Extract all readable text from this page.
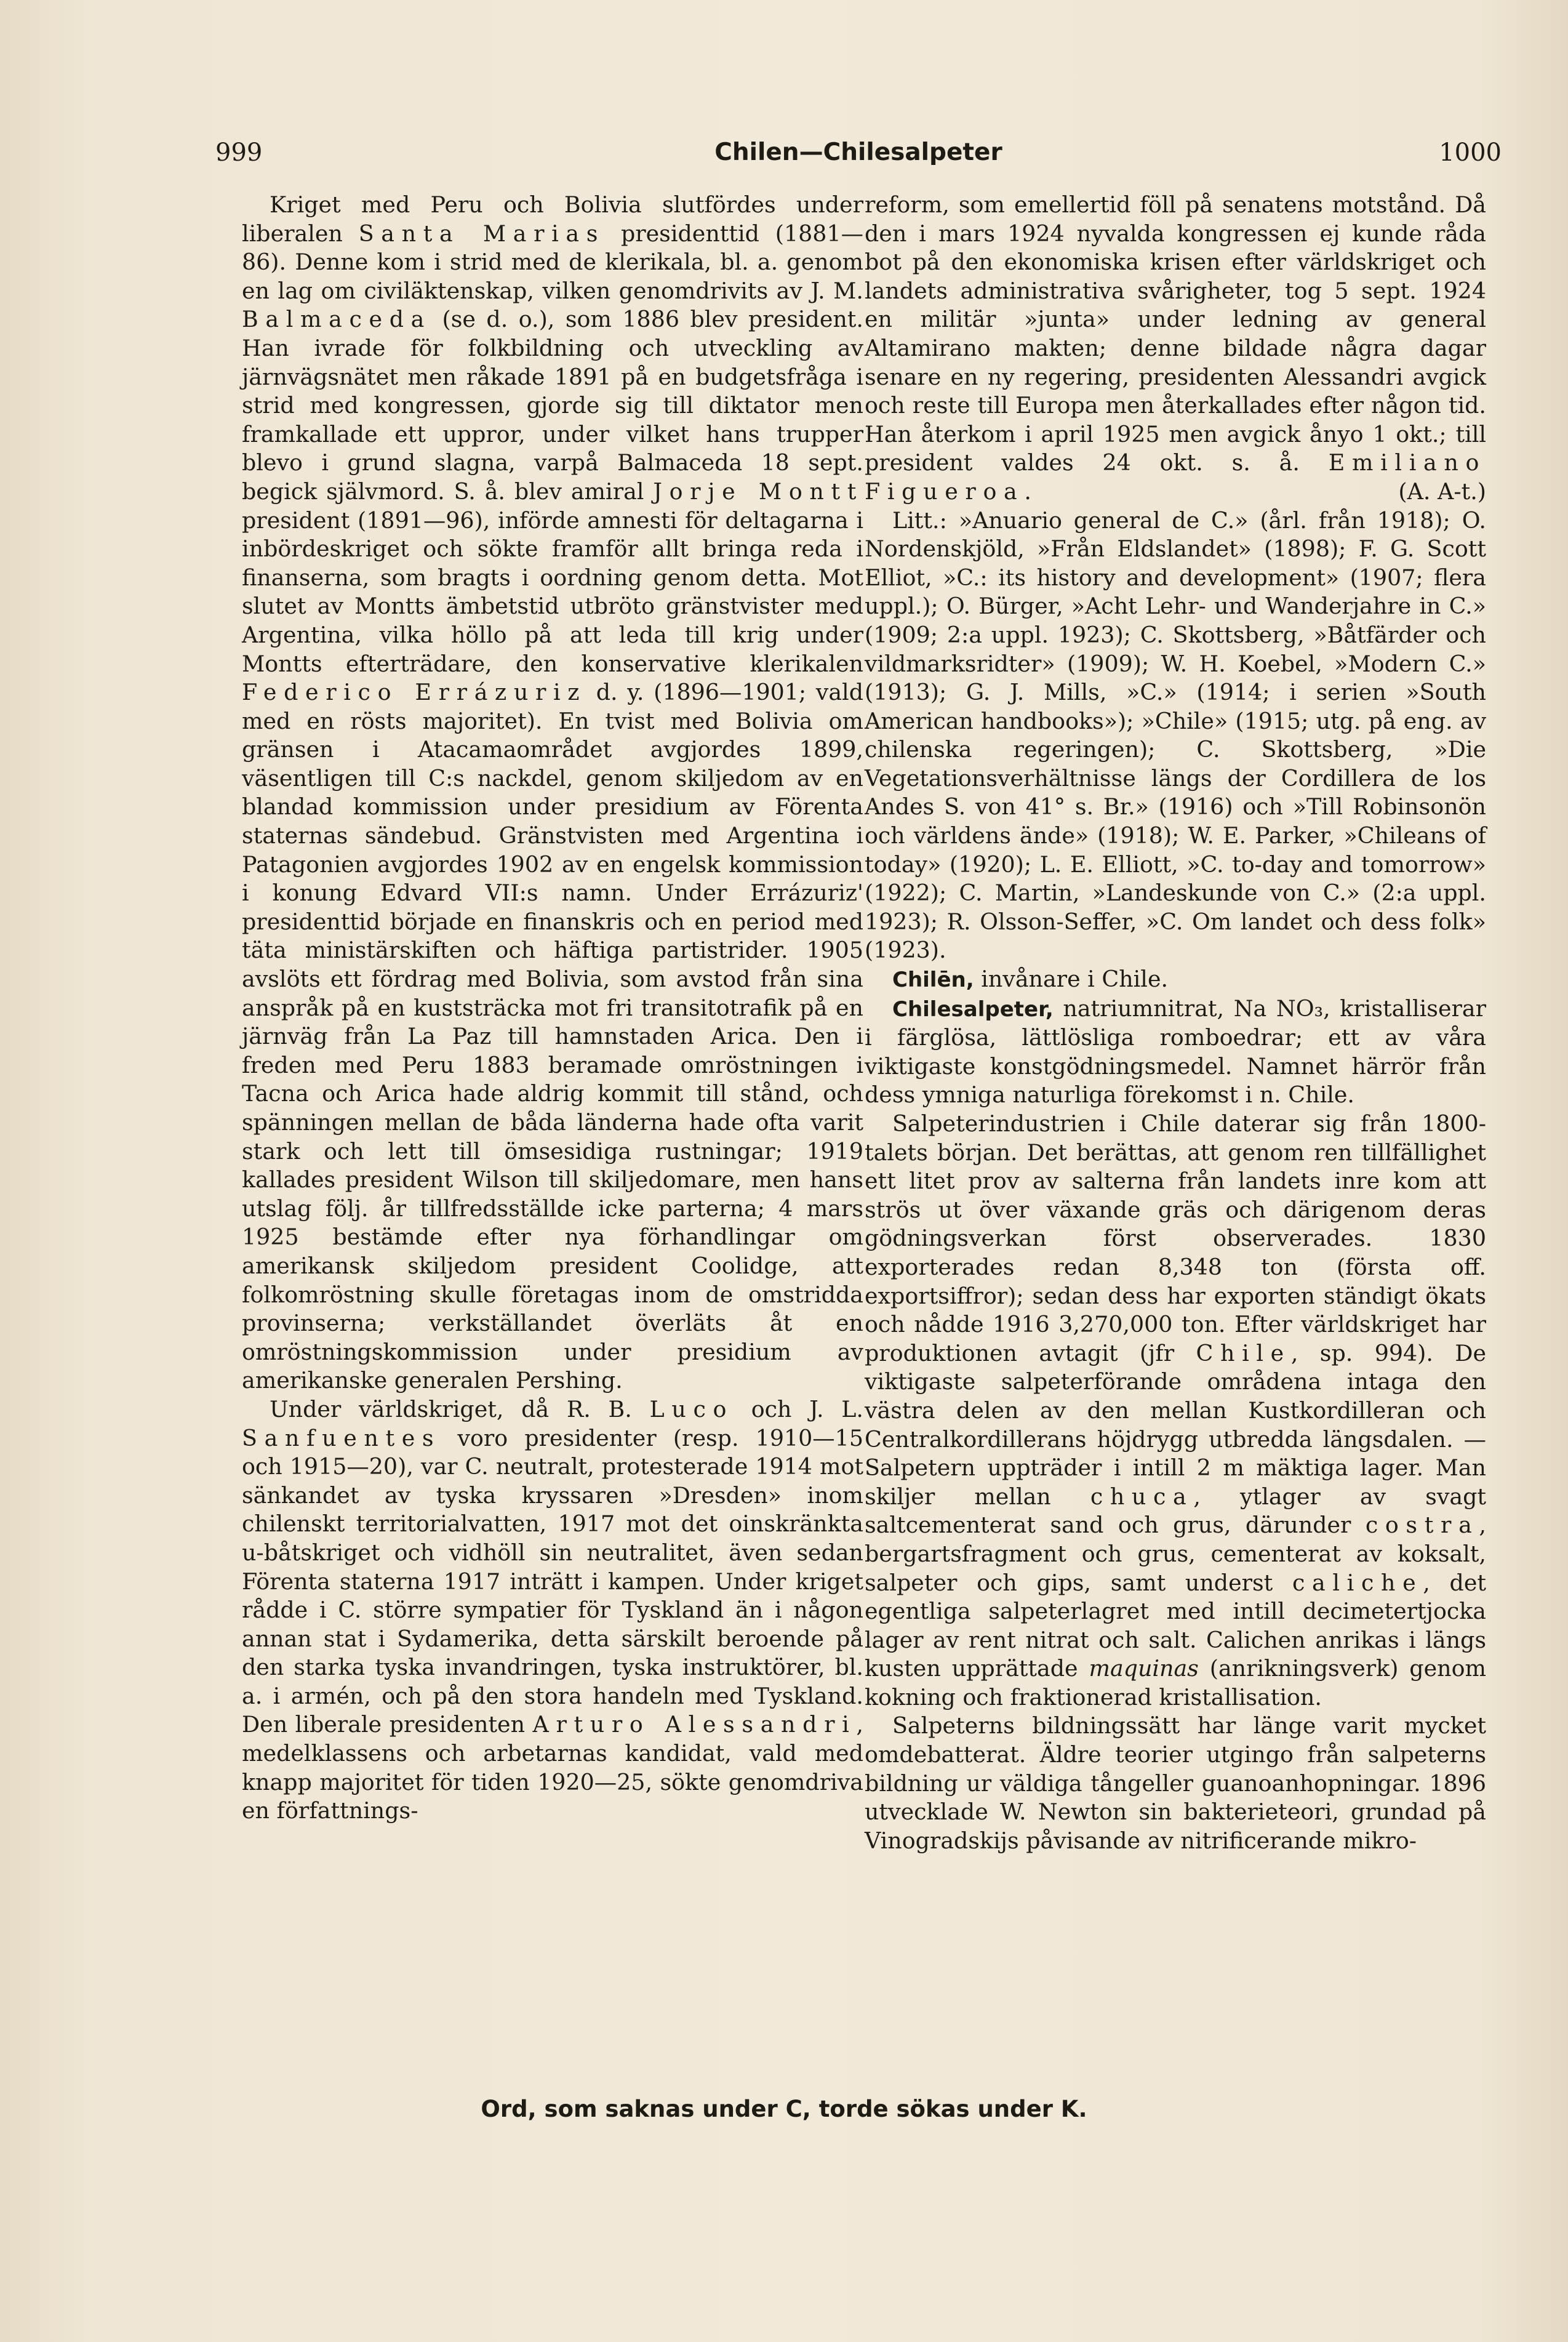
999	Chilen—Chilesalpeter	1000

Kriget med Peru och Bolivia slutfördes under liberalen Santa Marias presidenttid (1881—86). Denne kom i strid med de klerikala, bl. a. genom en lag om civiläktenskap, vilken genomdrivits av J. M. Balmaceda (se d. o.), som 1886 blev president. Han ivrade för folkbildning och utveckling av järnvägsnätet men råkade 1891 på en budgetsfråga i strid med kongressen, gjorde sig till diktator men framkallade ett uppror, under vilket hans trupper blevo i grund slagna, varpå Balmaceda 18 sept. begick självmord. S. å. blev amiral Jorje Montt president (1891—96), införde amnesti för deltagarna i inbördeskriget och sökte framför allt bringa reda i finanserna, som bragts i oordning genom detta. Mot slutet av Montts ämbetstid utbröto gränstvister med Argentina, vilka höllo på att leda till krig under Montts efterträdare, den konservative klerikalen Federico Errázuriz d. y. (1896—1901; vald med en rösts majoritet). En tvist med Bolivia om gränsen i Atacamaområdet avgjordes 1899, väsentligen till C:s nackdel, genom skiljedom av en blandad kommission under presidium av Förenta staternas sändebud. Gränstvisten med Argentina i Patagonien avgjordes 1902 av en engelsk kommission i konung Edvard VII:s namn. Under Errázuriz' presidenttid började en finanskris och en period med täta ministärskiften och häftiga partistrider. 1905 avslöts ett fördrag med Bolivia, som avstod från sina anspråk på en kuststräcka mot fri transitotrafik på en järnväg från La Paz till hamnstaden Arica. Den i freden med Peru 1883 beramade omröstningen i Tacna och Arica hade aldrig kommit till stånd, och spänningen mellan de båda länderna hade ofta varit stark och lett till ömsesidiga rustningar; 1919 kallades president Wilson till skiljedomare, men hans utslag följ. år tillfredsställde icke parterna; 4 mars 1925 bestämde efter nya förhandlingar om amerikansk skiljedom president Coolidge, att folkomröstning skulle företagas inom de omstridda provinserna; verkställandet överläts åt en omröstningskommission under presidium av amerikanske generalen Pershing.

Under världskriget, då R. B. Luco och J. L. Sanfuentes voro presidenter (resp. 1910—15 och 1915—20), var C. neutralt, protesterade 1914 mot sänkandet av tyska kryssaren »Dresden» inom chilenskt territorialvatten, 1917 mot det oinskränkta u-båtskriget och vidhöll sin neutralitet, även sedan Förenta staterna 1917 inträtt i kampen. Under kriget rådde i C. större sympatier för Tyskland än i någon annan stat i Sydamerika, detta särskilt beroende på den starka tyska invandringen, tyska instruktörer, bl. a. i armén, och på den stora handeln med Tyskland. Den liberale presidenten Arturo Alessandri, medelklassens och arbetarnas kandidat, vald med knapp majoritet för tiden 1920—25, sökte genomdriva en författnings-

reform, som emellertid föll på senatens motstånd. Då den i mars 1924 nyvalda kongressen ej kunde råda bot på den ekonomiska krisen efter världskriget och landets administrativa svårigheter, tog 5 sept. 1924 en militär »junta» under ledning av general Altamirano makten; denne bildade några dagar senare en ny regering, presidenten Alessandri avgick och reste till Europa men återkallades efter någon tid. Han återkom i april 1925 men avgick ånyo 1 okt.; till president valdes 24 okt. s. å. Emiliano Figueroa.	(A. A-t.)

Litt.: »Anuario general de C.» (årl. från 1918); O. Nordenskjöld, »Från Eldslandet» (1898); F. G. Scott Elliot, »C.: its history and development» (1907; flera uppl.); O. Bürger, »Acht Lehr- und Wanderjahre in C.» (1909; 2:a uppl. 1923); C. Skottsberg, »Båtfärder och vildmarksridter» (1909); W. H. Koebel, »Modern C.» (1913); G. J. Mills, »C.» (1914; i serien »South American handbooks»); »Chile» (1915; utg. på eng. av chilenska regeringen); C. Skottsberg, »Die Vegetationsverhältnisse längs der Cordillera de los Andes S. von 41° s. Br.» (1916) och »Till Robinsonön och världens ände» (1918); W. E. Parker, »Chileans of today» (1920); L. E. Elliott, »C. to-day and tomorrow» (1922); C. Martin, »Landeskunde von C.» (2:a uppl. 1923); R. Olsson-Seffer, »C. Om landet och dess folk» (1923).

Chilēn, invånare i Chile.

Chilesalpeter, natriumnitrat, Na NO₃, kristalliserar i färglösa, lättlösliga romboedrar; ett av våra viktigaste konstgödningsmedel. Namnet härrör från dess ymniga naturliga förekomst i n. Chile.

Salpeterindustrien i Chile daterar sig från 1800-talets början. Det berättas, att genom ren tillfällighet ett litet prov av salterna från landets inre kom att strös ut över växande gräs och därigenom deras gödningsverkan först observerades. 1830 exporterades redan 8,348 ton (första off. exportsiffror); sedan dess har exporten ständigt ökats och nådde 1916 3,270,000 ton. Efter världskriget har produktionen avtagit (jfr Chile, sp. 994). De viktigaste salpeterförande områdena intaga den västra delen av den mellan Kustkordilleran och Centralkordillerans höjdrygg utbredda längsdalen. — Salpetern uppträder i intill 2 m mäktiga lager. Man skiljer mellan chuca, ytlager av svagt saltcementerat sand och grus, därunder costra, bergartsfragment och grus, cementerat av koksalt, salpeter och gips, samt underst caliche, det egentliga salpeterlagret med intill decimetertjocka lager av rent nitrat och salt. Calichen anrikas i längs kusten upprättade maquinas (anrikningsverk) genom kokning och fraktionerad kristallisation.

Salpeterns bildningssätt har länge varit mycket omdebatterat. Äldre teorier utgingo från salpeterns bildning ur väldiga tångeller guanoanhopningar. 1896 utvecklade W. Newton sin bakterieteori, grundad på Vinogradskijs påvisande av nitrificerande mikro-

Ord, som saknas under C, torde sökas under K.
